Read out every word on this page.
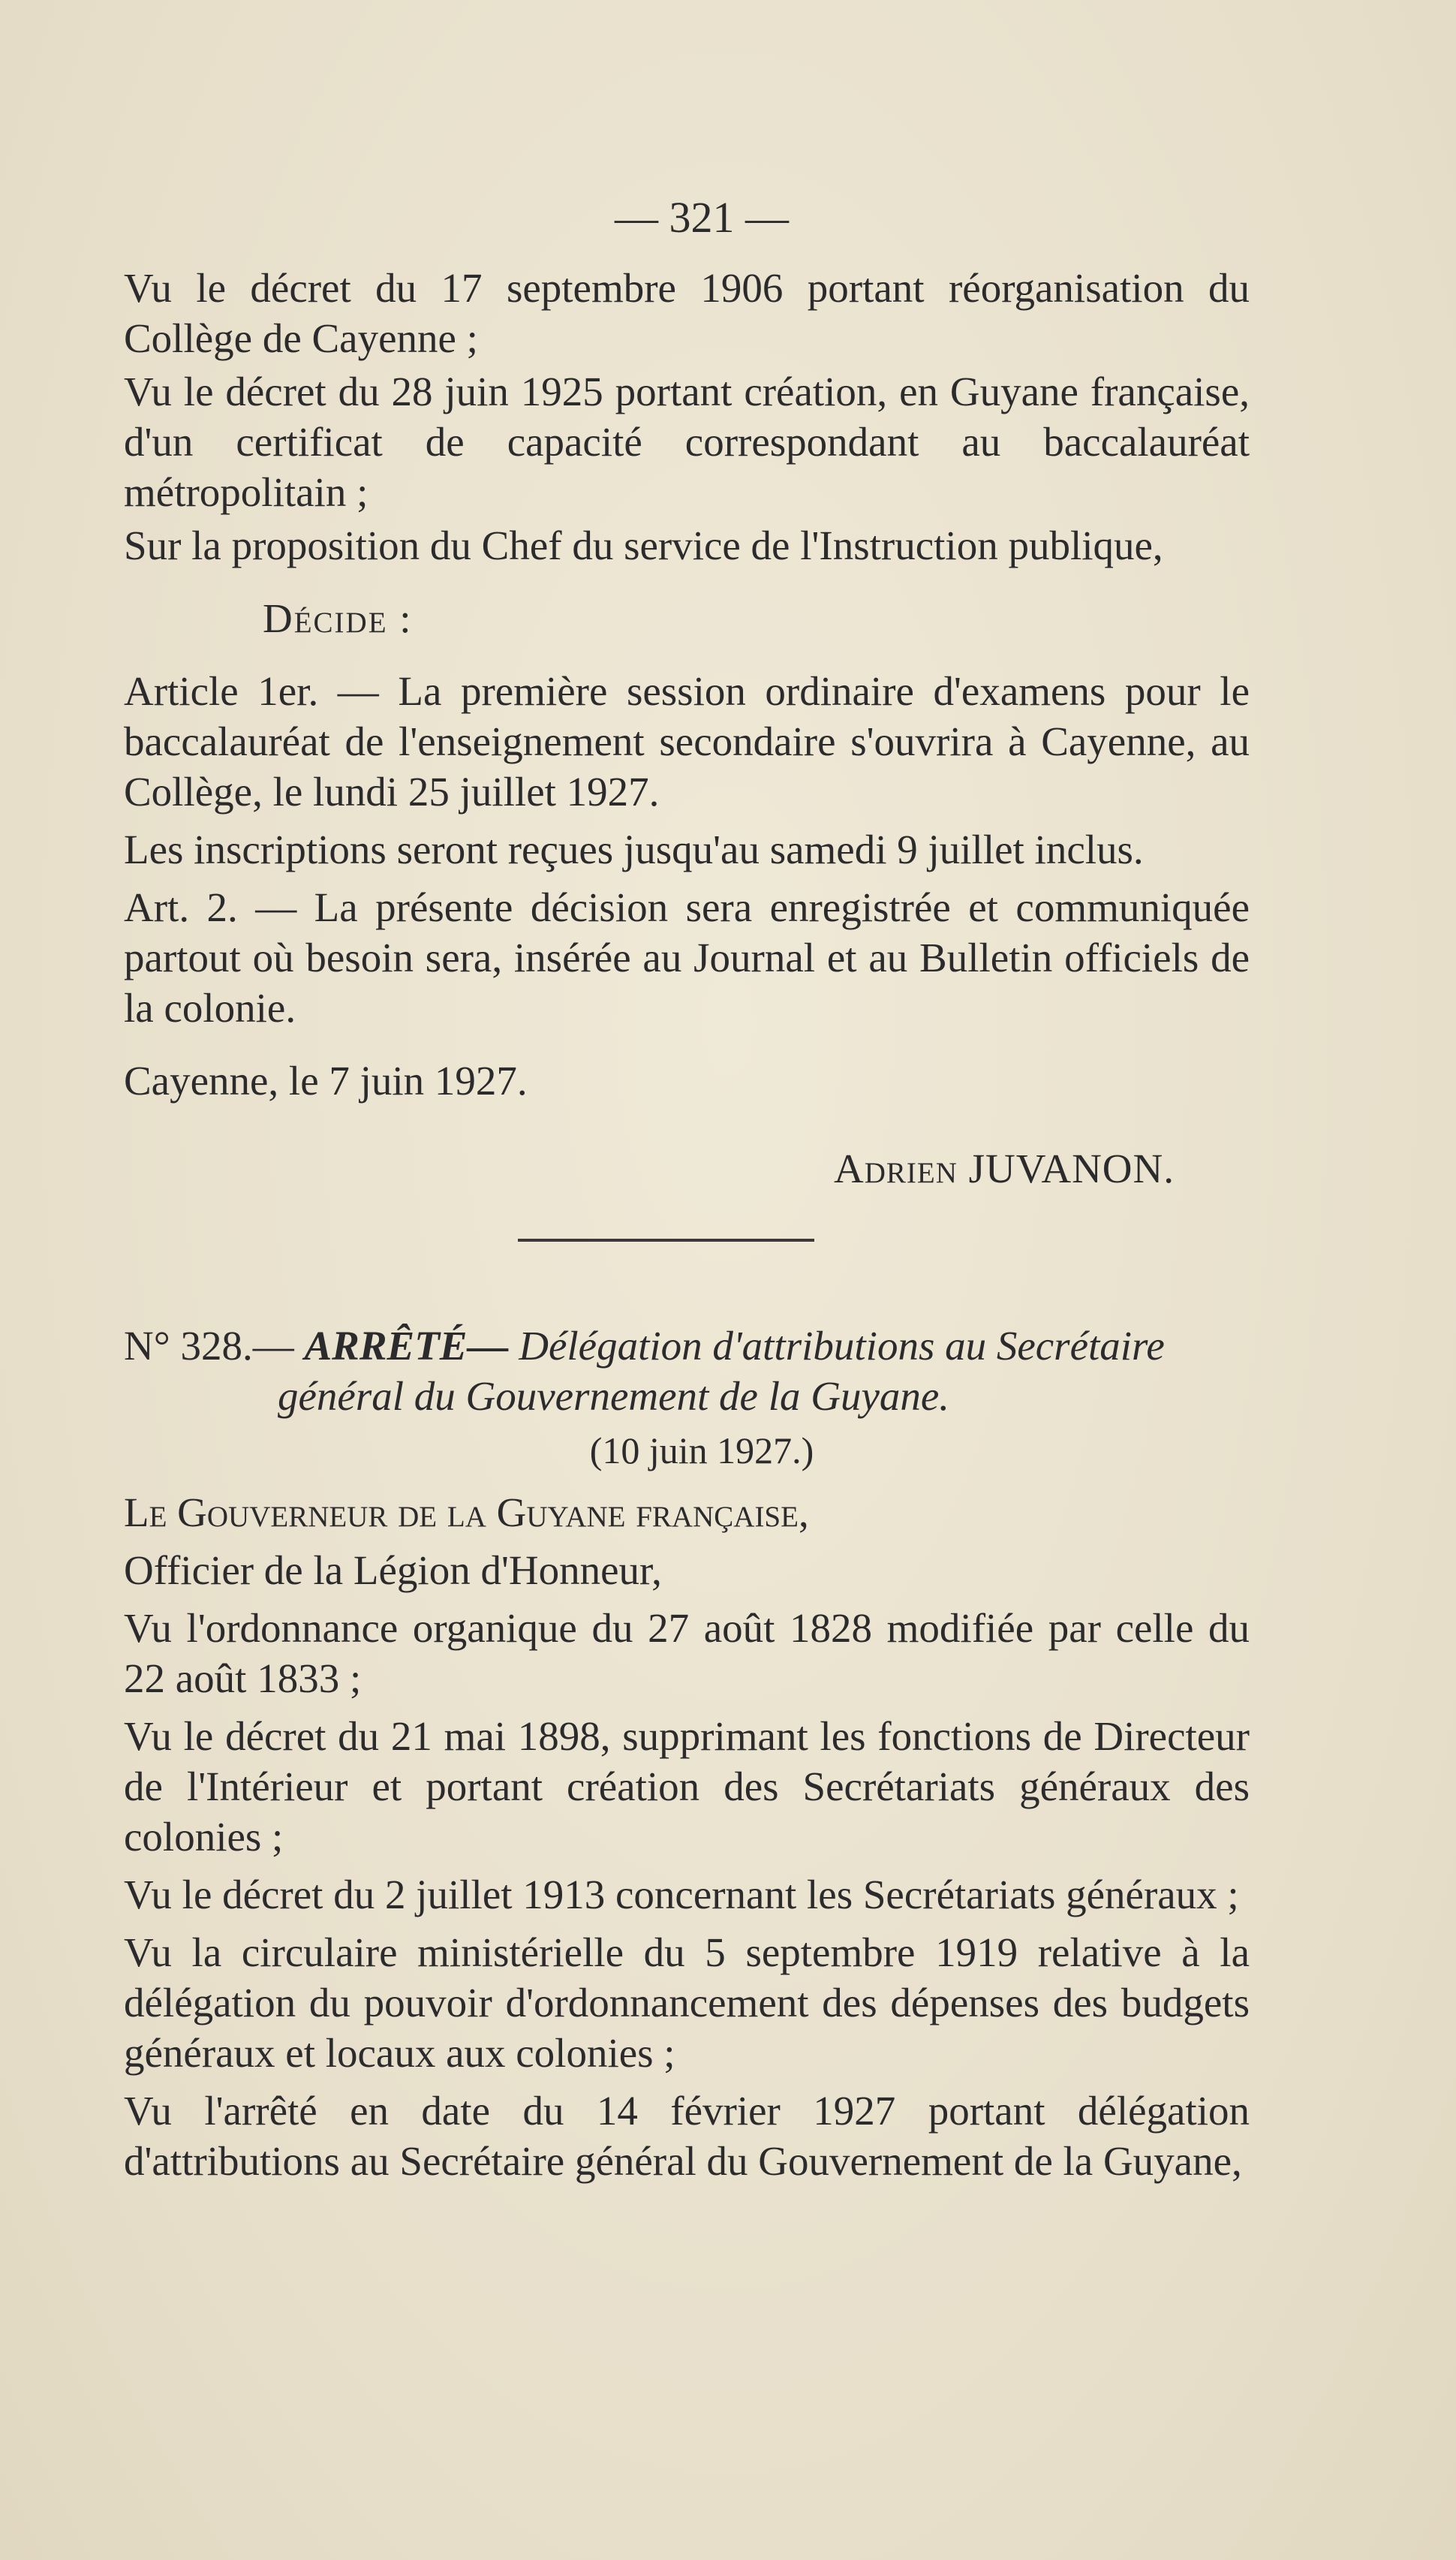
— 321 —

Vu le décret du 17 septembre 1906 portant réorganisation du Collège de Cayenne ;

Vu le décret du 28 juin 1925 portant création, en Guyane française, d'un certificat de capacité correspondant au baccalauréat métropolitain ;

Sur la proposition du Chef du service de l'Instruction publique,

Décide :

Article 1er. — La première session ordinaire d'examens pour le baccalauréat de l'enseignement secondaire s'ouvrira à Cayenne, au Collège, le lundi 25 juillet 1927.

Les inscriptions seront reçues jusqu'au samedi 9 juillet inclus.

Art. 2. — La présente décision sera enregistrée et communiquée partout où besoin sera, insérée au Journal et au Bulletin officiels de la colonie.

Cayenne, le 7 juin 1927.

Adrien JUVANON.

N° 328.— ARRÊTÉ— Délégation d'attributions au Secrétaire
général du Gouvernement de la Guyane.

(10 juin 1927.)

Le Gouverneur de la Guyane française,

Officier de la Légion d'Honneur,

Vu l'ordonnance organique du 27 août 1828 modifiée par celle du 22 août 1833 ;

Vu le décret du 21 mai 1898, supprimant les fonctions de Directeur de l'Intérieur et portant création des Secrétariats généraux des colonies ;

Vu le décret du 2 juillet 1913 concernant les Secrétariats généraux ;

Vu la circulaire ministérielle du 5 septembre 1919 relative à la délégation du pouvoir d'ordonnancement des dépenses des budgets généraux et locaux aux colonies ;

Vu l'arrêté en date du 14 février 1927 portant délégation d'attributions au Secrétaire général du Gouvernement de la Guyane,
